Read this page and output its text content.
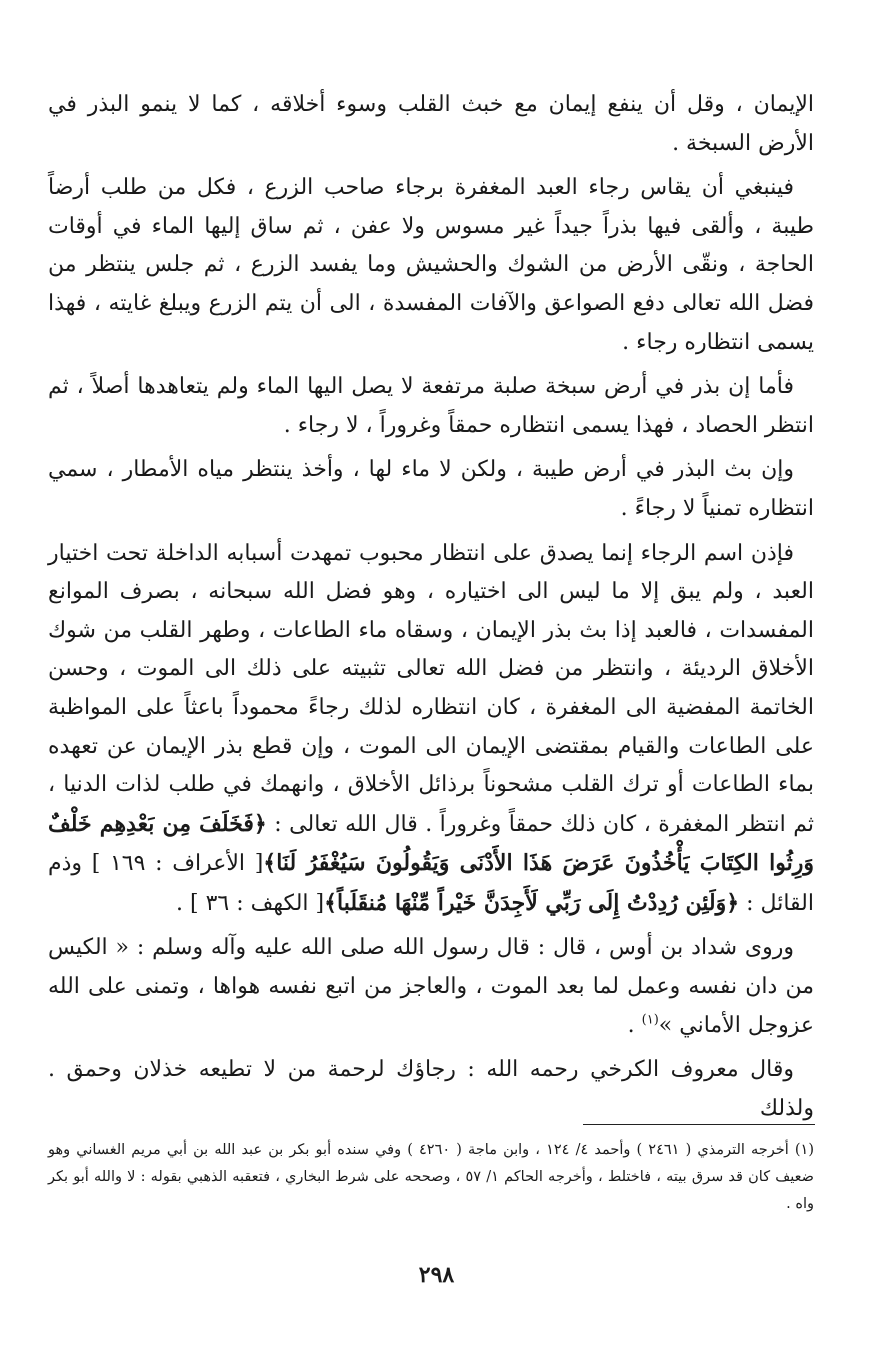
الإيمان ، وقل أن ينفع إيمان مع خبث القلب وسوء أخلاقه ، كما لا ينمو البذر في الأرض السبخة .

فينبغي أن يقاس رجاء العبد المغفرة برجاء صاحب الزرع ، فكل من طلب أرضاً طيبة ، وألقى فيها بذراً جيداً غير مسوس ولا عفن ، ثم ساق إليها الماء في أوقات الحاجة ، ونقّى الأرض من الشوك والحشيش وما يفسد الزرع ، ثم جلس ينتظر من فضل الله تعالى دفع الصواعق والآفات المفسدة ، الى أن يتم الزرع ويبلغ غايته ، فهذا يسمى انتظاره رجاء .

فأما إن بذر في أرض سبخة صلبة مرتفعة لا يصل اليها الماء ولم يتعاهدها أصلاً ، ثم انتظر الحصاد ، فهذا يسمى انتظاره حمقاً وغروراً ، لا رجاء .

وإن بث البذر في أرض طيبة ، ولكن لا ماء لها ، وأخذ ينتظر مياه الأمطار ، سمي انتظاره تمنياً لا رجاءً .

فإذن اسم الرجاء إنما يصدق على انتظار محبوب تمهدت أسبابه الداخلة تحت اختيار العبد ، ولم يبق إلا ما ليس الى اختياره ، وهو فضل الله سبحانه ، بصرف الموانع المفسدات ، فالعبد إذا بث بذر الإيمان ، وسقاه ماء الطاعات ، وطهر القلب من شوك الأخلاق الرديئة ، وانتظر من فضل الله تعالى تثبيته على ذلك الى الموت ، وحسن الخاتمة المفضية الى المغفرة ، كان انتظاره لذلك رجاءً محموداً باعثاً على المواظبة على الطاعات والقيام بمقتضى الإيمان الى الموت ، وإن قطع بذر الإيمان عن تعهده بماء الطاعات أو ترك القلب مشحوناً برذائل الأخلاق ، وانهمك في طلب لذات الدنيا ، ثم انتظر المغفرة ، كان ذلك حمقاً وغروراً . قال الله تعالى : ﴿فَخَلَفَ مِن بَعْدِهِم خَلْفٌ وَرِثُوا الكِتَابَ يَأْخُذُونَ عَرَضَ هَذَا الأَدْنَى وَيَقُولُونَ سَيُغْفَرُ لَنَا﴾[ الأعراف : ١٦٩ ] وذم القائل : ﴿وَلَئِن رُدِدْتُ إِلَى رَبِّي لَأَجِدَنَّ خَيْراً مِّنْهَا مُنقَلَباً﴾[ الكهف : ٣٦ ] .

وروى شداد بن أوس ، قال : قال رسول الله صلى الله عليه وآله وسلم : « الكيس من دان نفسه وعمل لما بعد الموت ، والعاجز من اتبع نفسه هواها ، وتمنى على الله عزوجل الأماني »$^{(١)}$ .

وقال معروف الكرخي رحمه الله : رجاؤك لرحمة من لا تطيعه خذلان وحمق . ولذلك

(١) أخرجه الترمذي ( ٢٤٦١ ) وأحمد ٤/ ١٢٤ ، وابن ماجة ( ٤٢٦٠ ) وفي سنده أبو بكر بن عبد الله بن أبي مريم الغساني وهو ضعيف كان قد سرق بيته ، فاختلط ، وأخرجه الحاكم ١/ ٥٧ ، وصححه على شرط البخاري ، فتعقبه الذهبي بقوله : لا والله أبو بكر واه .

٢٩٨
